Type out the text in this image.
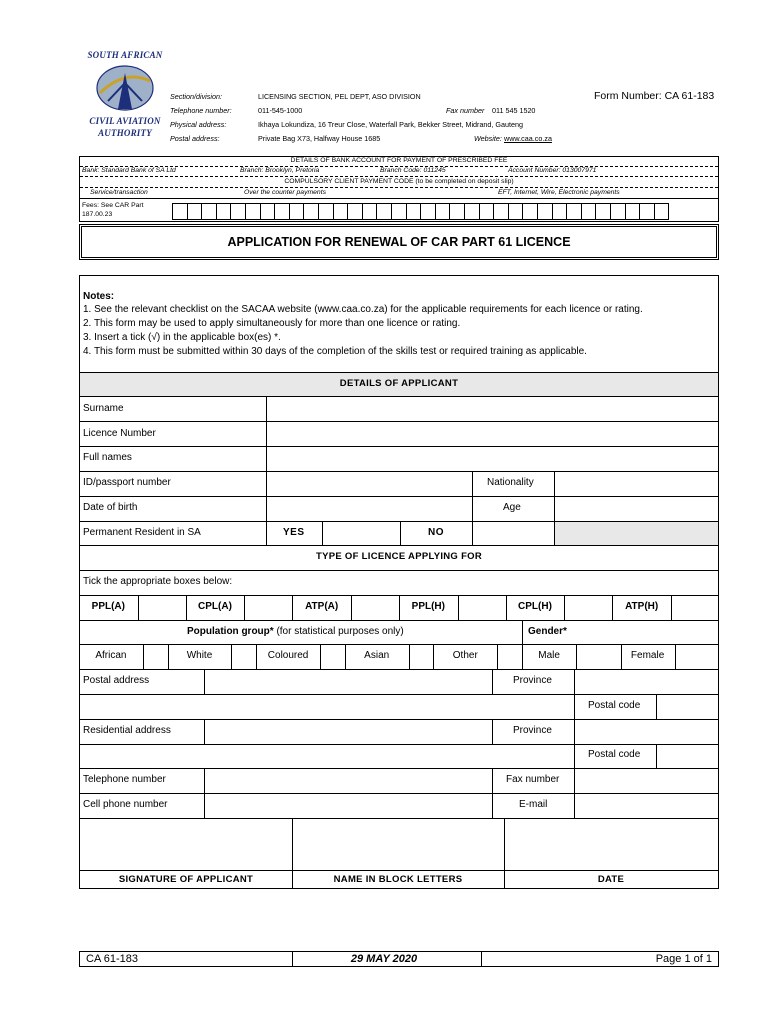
SOUTH AFRICAN
CIVIL AVIATION
AUTHORITY
Section/division:	LICENSING SECTION, PEL DEPT, ASO DIVISION
Telephone number:	011-545-1000	Fax number 011 545 1520
Physical address:	Ikhaya Lokundiza, 16 Treur Close, Waterfall Park, Bekker Street, Midrand, Gauteng
Postal address:	Private Bag X73, Halfway House 1685	Website: www.caa.co.za
Form Number: CA 61-183
DETAILS OF BANK ACCOUNT FOR PAYMENT OF PRESCRIBED FEE
Bank: Standard Bank of SA Ltd	Branch: Brooklyn, Pretoria	Branch Code: 011245	Account Number: 013007971
COMPULSORY CLIENT PAYMENT CODE (to be completed on deposit slip)
Service/transaction	Over the counter payments	EFT, Internet, Wire, Electronic payments
Fees: See CAR Part
187.00.23
APPLICATION FOR RENEWAL OF CAR PART 61 LICENCE
Notes:
1. See the relevant checklist on the SACAA website (www.caa.co.za) for the applicable requirements for each licence or rating.
2. This form may be used to apply simultaneously for more than one licence or rating.
3. Insert a tick (√) in the applicable box(es) *.
4. This form must be submitted within 30 days of the completion of the skills test or required training as applicable.
DETAILS OF APPLICANT
Surname
Licence Number
Full names
ID/passport number	Nationality
Date of birth	Age
Permanent Resident in SA	YES	NO
TYPE OF LICENCE APPLYING FOR
Tick the appropriate boxes below:
PPL(A)	CPL(A)	ATP(A)	PPL(H)	CPL(H)	ATP(H)
Population group* (for statistical purposes only)	Gender*
African	White	Coloured	Asian	Other	Male	Female
Postal address	Province
Postal code
Residential address	Province
Postal code
Telephone number	Fax number
Cell phone number	E-mail
SIGNATURE OF APPLICANT	NAME IN BLOCK LETTERS	DATE
CA 61-183	29 MAY 2020	Page 1 of 1
